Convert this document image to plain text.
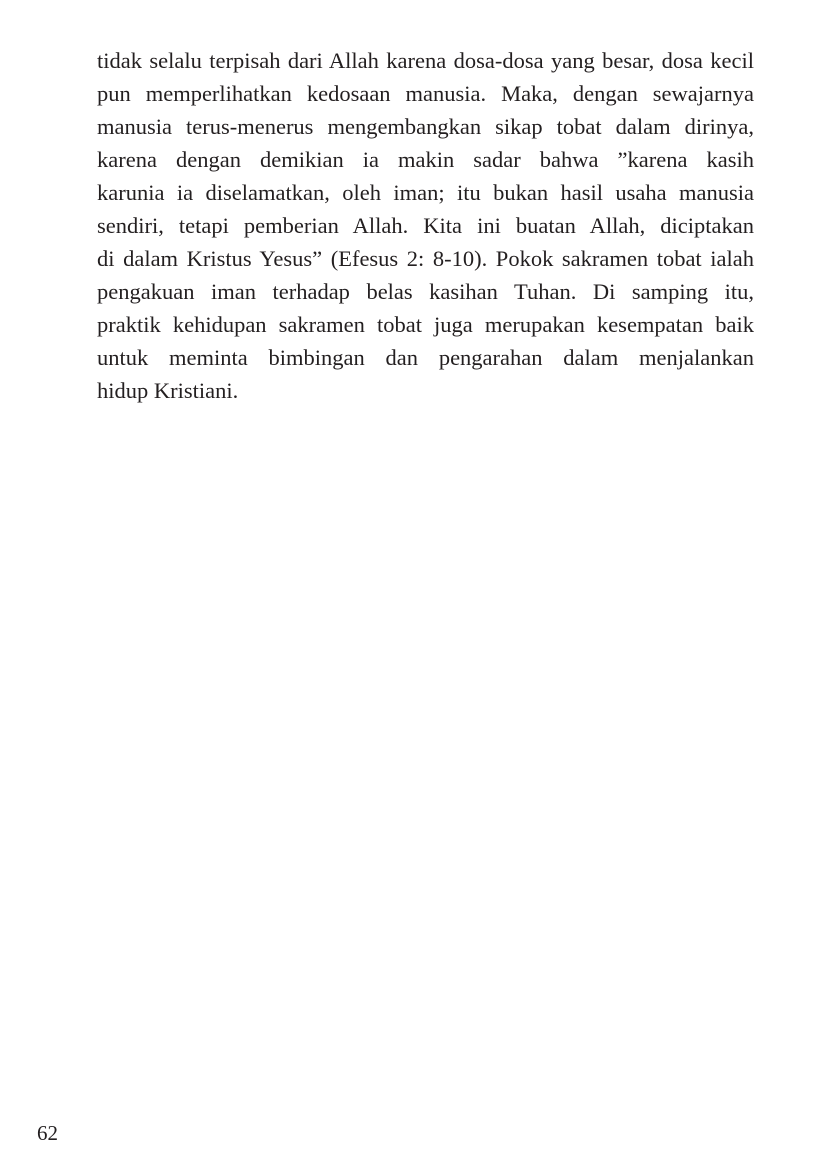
tidak selalu terpisah dari Allah karena dosa-dosa yang besar, dosa kecil
pun memperlihatkan kedosaan manusia. Maka, dengan sewajarnya
manusia terus-menerus mengembangkan sikap tobat dalam dirinya,
karena dengan demikian ia makin sadar bahwa ”karena kasih
karunia ia diselamatkan, oleh iman; itu bukan hasil usaha manusia
sendiri, tetapi pemberian Allah. Kita ini buatan Allah, diciptakan
di dalam Kristus Yesus” (Efesus 2: 8-10). Pokok sakramen tobat ialah
pengakuan iman terhadap belas kasihan Tuhan. Di samping itu,
praktik kehidupan sakramen tobat juga merupakan kesempatan baik
untuk meminta bimbingan dan pengarahan dalam menjalankan
hidup Kristiani.
62
